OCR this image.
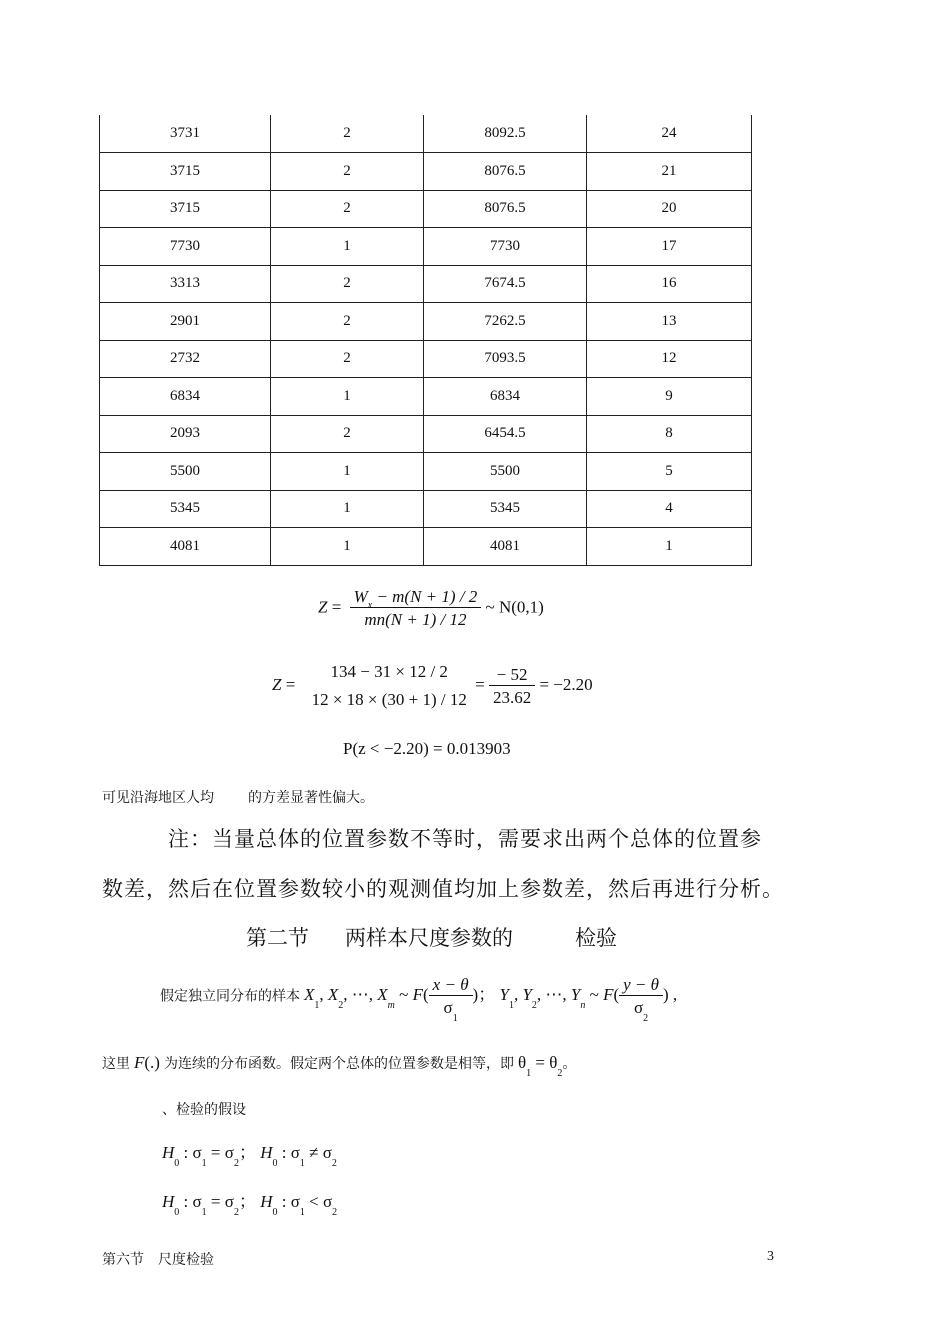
3731	2	8092.5	24
3715	2	8076.5	21
3715	2	8076.5	20
7730	1	7730	17
3313	2	7674.5	16
2901	2	7262.5	13
2732	2	7093.5	12
6834	1	6834	9
2093	2	6454.5	8
5500	1	5500	5
5345	1	5345	4
4081	1	4081	1
$Z = \frac{W_x - m(N + 1) / 2}{mn(N + 1) / 12}$ ~ N(0,1)
Z =
134 − 31 × 12 / 2
12 × 18 × (30 + 1) / 12
= $\frac{- 52}{23.62} = -2.20$
P(z < −2.20) = 0.013903
可见沿海地区人均 的方差显著性偏大。
注：当量总体的位置参数不等时，需要求出两个总体的位置参
数差，然后在位置参数较小的观测值均加上参数差，然后再进行分析。
第二节 两样本尺度参数的	检验
假定独立同分布的样本 $X_1$, $X_2$, ⋯, $X_m$ ~ $F( \frac{x - \theta}{\sigma_1}$ )； $Y_1$, $Y_2$, ⋯, $Y_n$ ~ $F( \frac{y - \theta}{\sigma_2}$ ) ,
这里 F(.) 为连续的分布函数。假定两个总体的位置参数是相等，即 $\theta_1 = \theta_2$。
、检验的假设
$H_0$ : $\sigma_1 = \sigma_2$； $H_0$ : $\sigma_1 \ne \sigma_2$
$H_0$ : $\sigma_1 = \sigma_2$； $H_0$ : $\sigma_1 < \sigma_2$
第六节　尺度检验	3
